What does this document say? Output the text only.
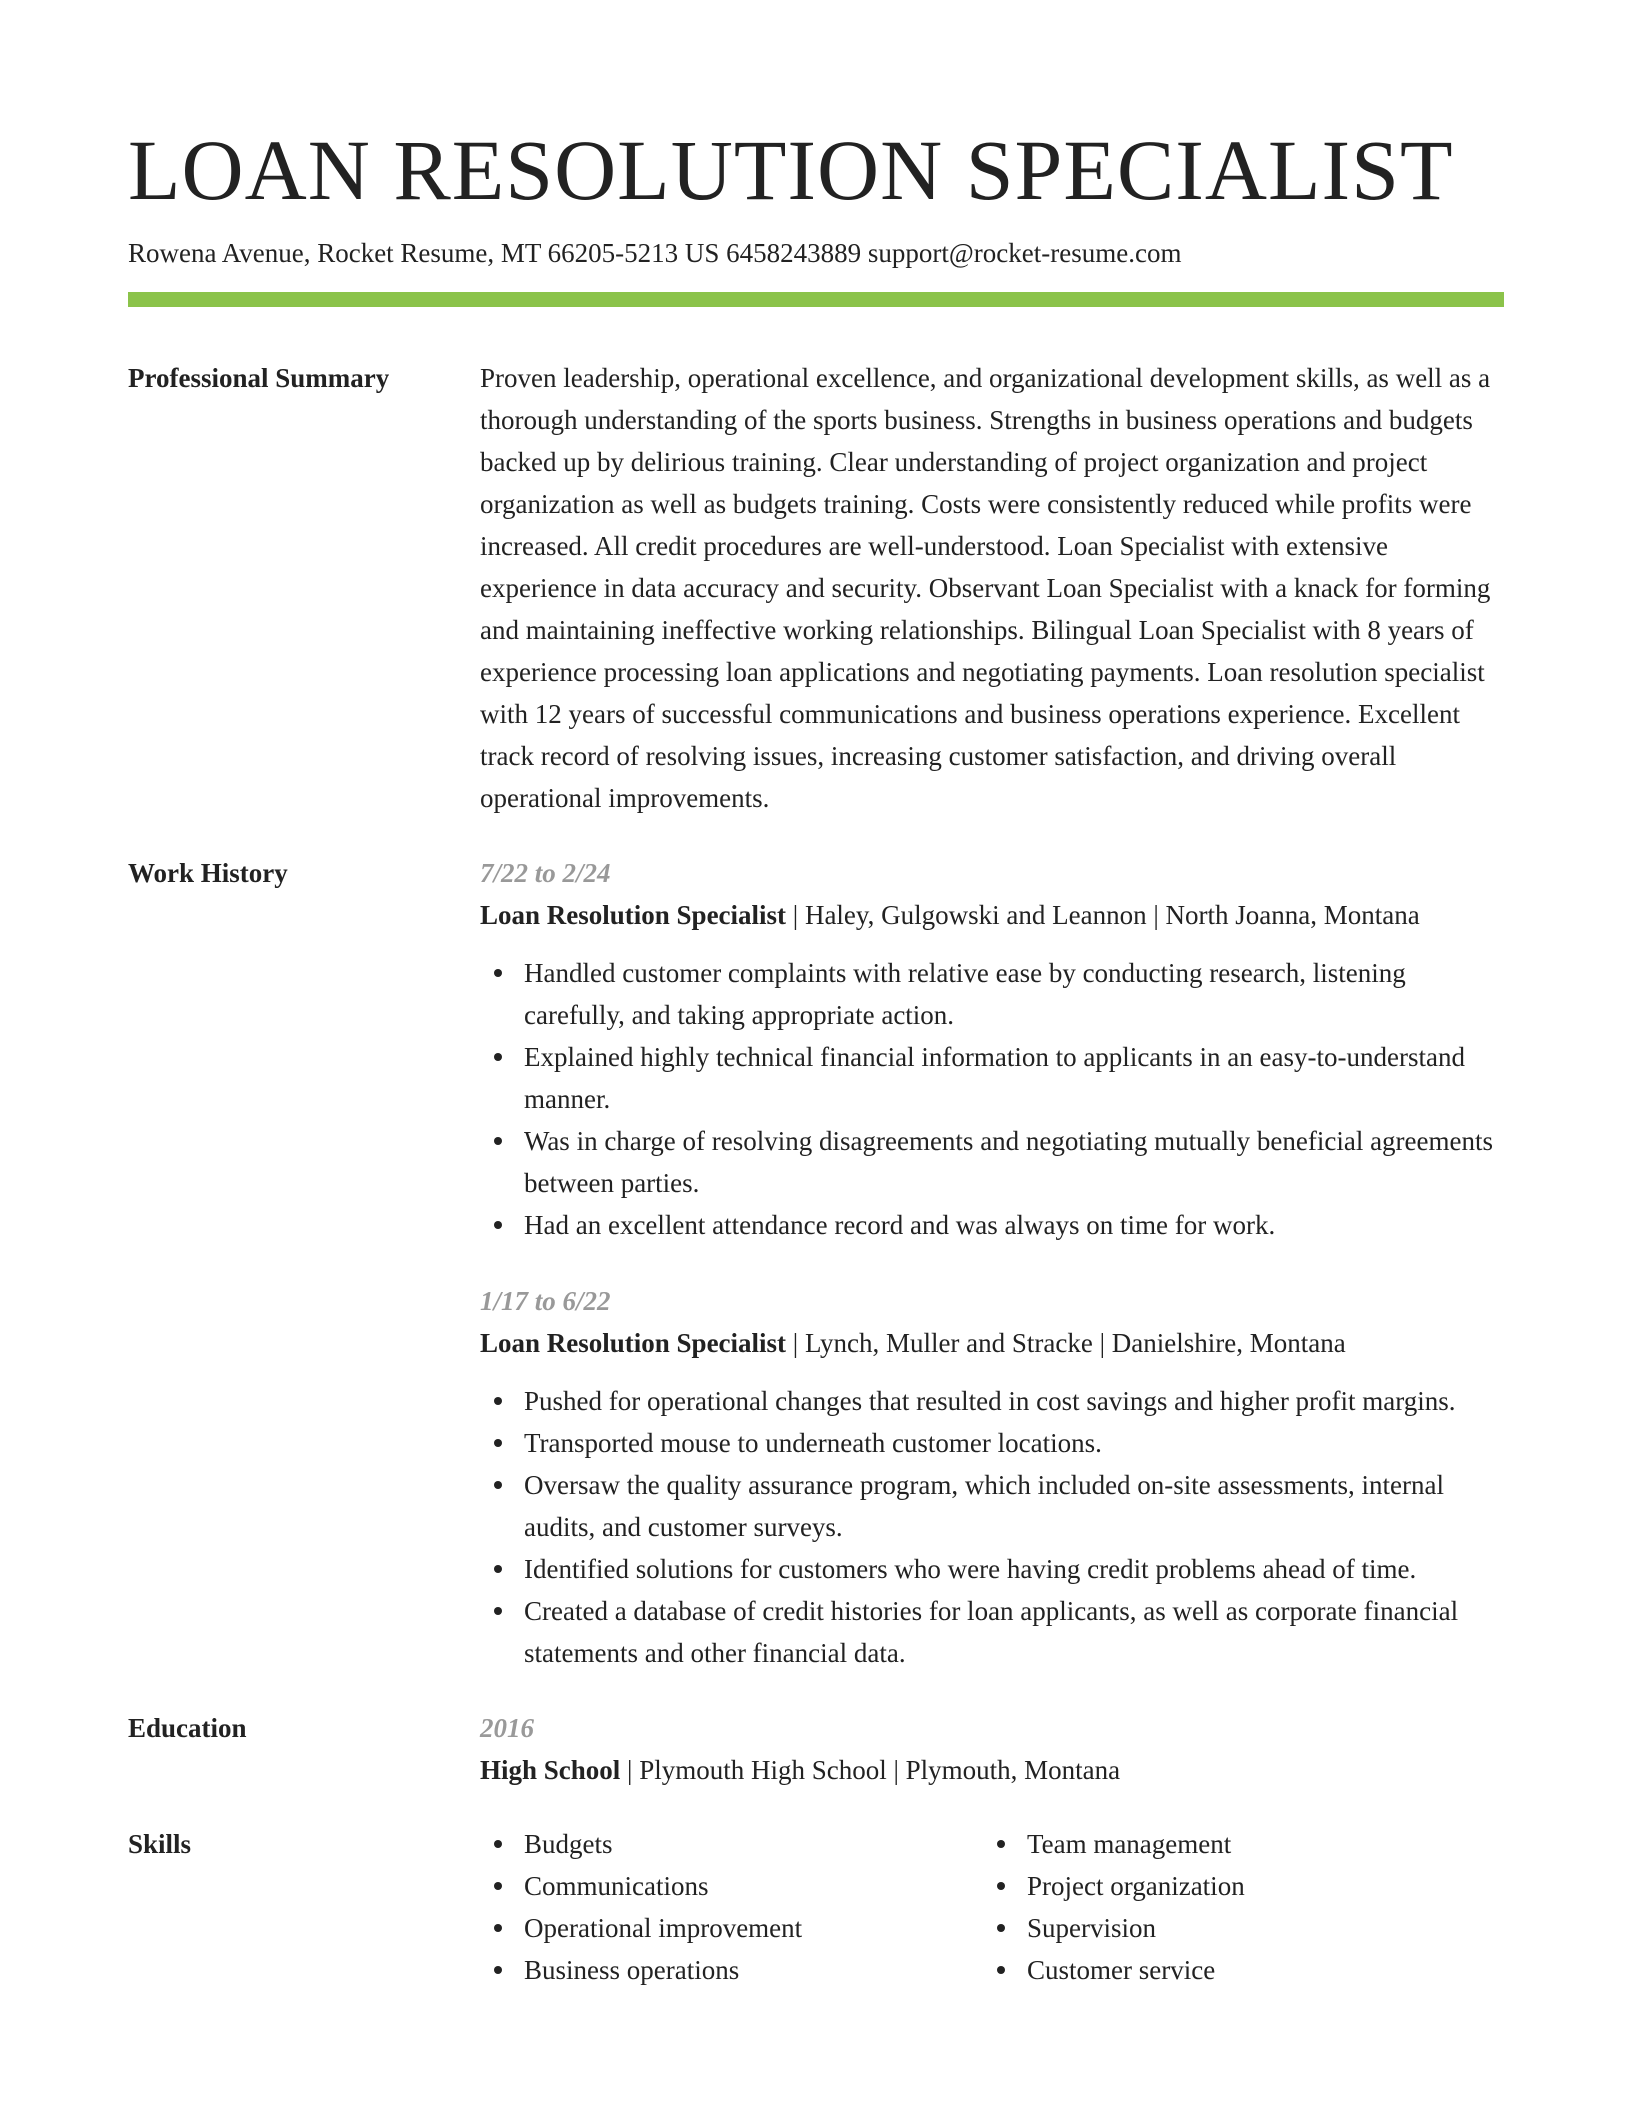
LOAN RESOLUTION SPECIALIST
Rowena Avenue, Rocket Resume, MT 66205-5213 US 6458243889 support@rocket-resume.com
Professional Summary	Proven leadership, operational excellence, and organizational development skills, as well as a thorough understanding of the sports business. Strengths in business operations and budgets backed up by delirious training. Clear understanding of project organization and project organization as well as budgets training. Costs were consistently reduced while profits were increased. All credit procedures are well-understood. Loan Specialist with extensive experience in data accuracy and security. Observant Loan Specialist with a knack for forming and maintaining ineffective working relationships. Bilingual Loan Specialist with 8 years of experience processing loan applications and negotiating payments. Loan resolution specialist with 12 years of successful communications and business operations experience. Excellent track record of resolving issues, increasing customer satisfaction, and driving overall operational improvements.
Work History	7/22 to 2/24
Loan Resolution Specialist | Haley, Gulgowski and Leannon | North Joanna, Montana
Handled customer complaints with relative ease by conducting research, listening carefully, and taking appropriate action.
Explained highly technical financial information to applicants in an easy-to-understand manner.
Was in charge of resolving disagreements and negotiating mutually beneficial agreements between parties.
Had an excellent attendance record and was always on time for work.
1/17 to 6/22
Loan Resolution Specialist | Lynch, Muller and Stracke | Danielshire, Montana
Pushed for operational changes that resulted in cost savings and higher profit margins.
Transported mouse to underneath customer locations.
Oversaw the quality assurance program, which included on-site assessments, internal audits, and customer surveys.
Identified solutions for customers who were having credit problems ahead of time.
Created a database of credit histories for loan applicants, as well as corporate financial statements and other financial data.
Education	2016
High School | Plymouth High School | Plymouth, Montana
Skills	Budgets
Communications
Operational improvement
Business operations
Team management
Project organization
Supervision
Customer service
